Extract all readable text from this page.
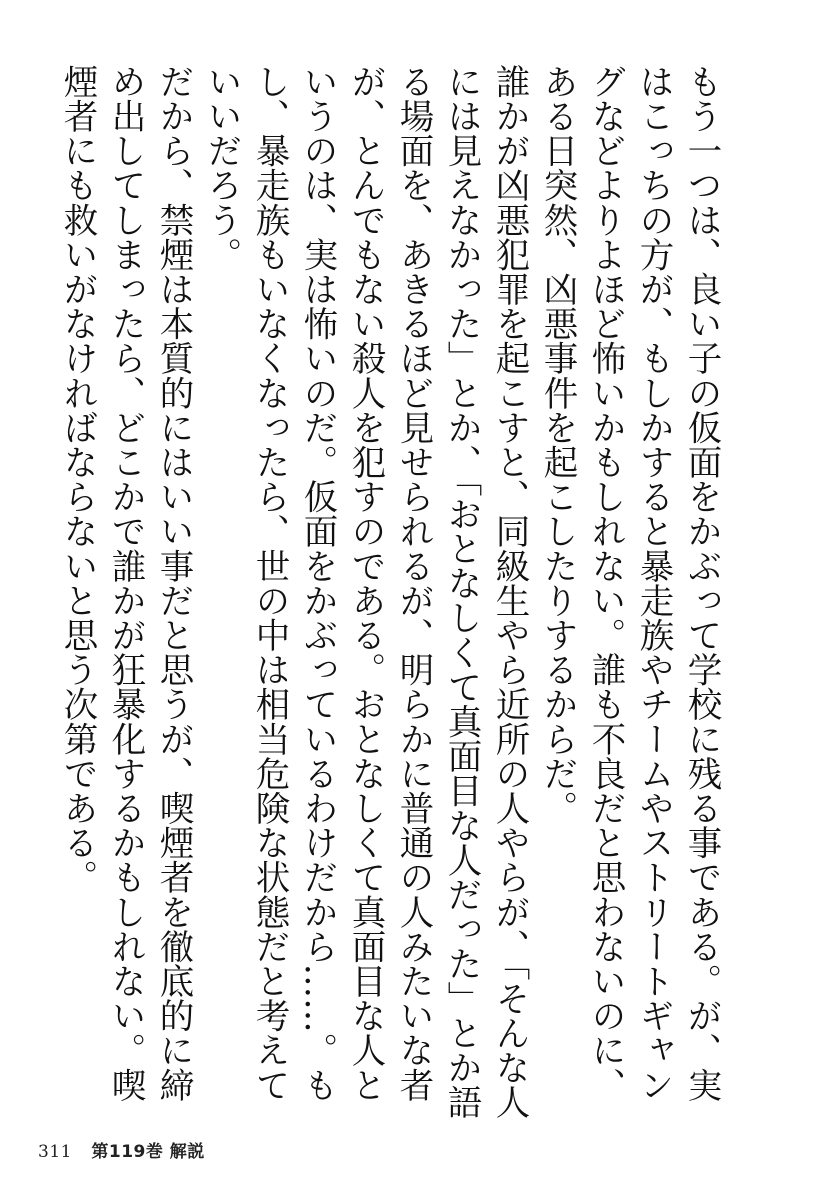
もう一つは、良い子の仮面をかぶって学校に残る事である。が、実はこっちの方が、もしかすると暴走族やチームやストリートギャングなどよりよほど怖いかもしれない。誰も不良だと思わないのに、ある日突然、凶悪事件を起こしたりするからだ。

誰かが凶悪犯罪を起こすと、同級生やら近所の人やらが、「そんな人には見えなかった」とか、「おとなしくて真面目な人だった」とか語る場面を、あきるほど見せられるが、明らかに普通の人みたいな者が、とんでもない殺人を犯すのである。おとなしくて真面目な人というのは、実は怖いのだ。仮面をかぶっているわけだから……。もし、暴走族もいなくなったら、世の中は相当危険な状態だと考えていいだろう。

だから、禁煙は本質的にはいい事だと思うが、喫煙者を徹底的に締め出してしまったら、どこかで誰かが狂暴化するかもしれない。喫煙者にも救いがなければならないと思う次第である。

311 第119巻 解説
